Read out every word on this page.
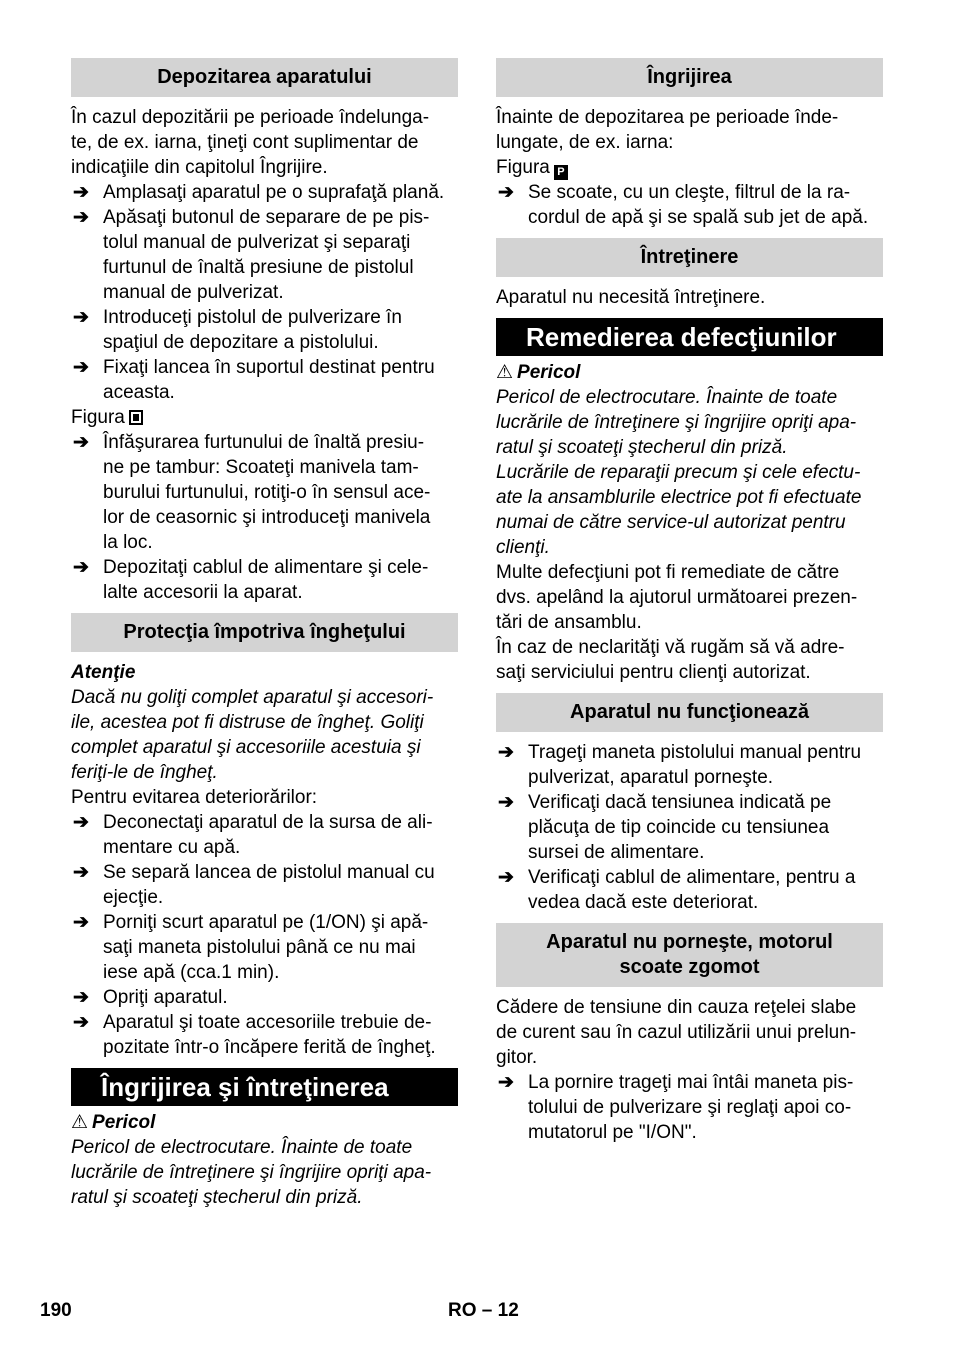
Depozitarea aparatului

În cazul depozitării pe perioade îndelunga-
te, de ex. iarna, ţineţi cont suplimentar de
indicaţiile din capitolul Îngrijire.

➔ Amplasaţi aparatul pe o suprafaţă plană.
➔ Apăsaţi butonul de separare de pe pis-
tolul manual de pulverizat şi separaţi
furtunul de înaltă presiune de pistolul
manual de pulverizat.
➔ Introduceţi pistolul de pulverizare în
spaţiul de depozitare a pistolului.
➔ Fixaţi lancea în suportul destinat pentru
aceasta.

Figura

➔ Înfăşurarea furtunului de înaltă presiu-
ne pe tambur: Scoateţi manivela tam-
burului furtunului, rotiţi-o în sensul ace-
lor de ceasornic şi introduceţi manivela
la loc.
➔ Depozitaţi cablul de alimentare şi cele-
lalte accesorii la aparat.
Protecţia împotriva îngheţului

Atenţie

Dacă nu goliţi complet aparatul şi accesori-
ile, acestea pot fi distruse de îngheţ. Goliţi
complet aparatul şi accesoriile acestuia şi
feriţi-le de îngheţ.

Pentru evitarea deteriorărilor:

➔ Deconectaţi aparatul de la sursa de ali-
mentare cu apă.
➔ Se separă lancea de pistolul manual cu
ejecţie.
➔ Porniţi scurt aparatul pe (1/ON) şi apă-
saţi maneta pistolului până ce nu mai
iese apă (cca.1 min).
➔ Opriţi aparatul.
➔ Aparatul şi toate accesoriile trebuie de-
pozitate într-o încăpere ferită de îngheţ.
Îngrijirea şi întreţinerea

⚠ Pericol

Pericol de electrocutare. Înainte de toate
lucrările de întreţinere şi îngrijire opriţi apa-
ratul şi scoateţi ştecherul din priză.

Îngrijirea

Înainte de depozitarea pe perioade înde-
lungate, de ex. iarna:

Figura P

➔ Se scoate, cu un cleşte, filtrul de la ra-
cordul de apă şi se spală sub jet de apă.
Întreţinere

Aparatul nu necesită întreţinere.

Remedierea defecţiunilor

⚠ Pericol

Pericol de electrocutare. Înainte de toate
lucrările de întreţinere şi îngrijire opriţi apa-
ratul şi scoateţi ştecherul din priză.
Lucrările de reparaţii precum şi cele efectu-
ate la ansamblurile electrice pot fi efectuate
numai de către service-ul autorizat pentru
clienţi.

Multe defecţiuni pot fi remediate de către
dvs. apelând la ajutorul următoarei prezen-
tări de ansamblu.

În caz de neclarităţi vă rugăm să vă adre-
saţi serviciului pentru clienţi autorizat.

Aparatul nu funcţionează
➔ Trageţi maneta pistolului manual pentru
pulverizat, aparatul porneşte.
➔ Verificaţi dacă tensiunea indicată pe
plăcuţa de tip coincide cu tensiunea
sursei de alimentare.
➔ Verificaţi cablul de alimentare, pentru a
vedea dacă este deteriorat.
Aparatul nu porneşte, motorul
scoate zgomot

Cădere de tensiune din cauza reţelei slabe
de curent sau în cazul utilizării unui prelun-
gitor.

➔ La pornire trageţi mai întâi maneta pis-
tolului de pulverizare şi reglaţi apoi co-
mutatorul pe "I/ON".
190	RO – 12
